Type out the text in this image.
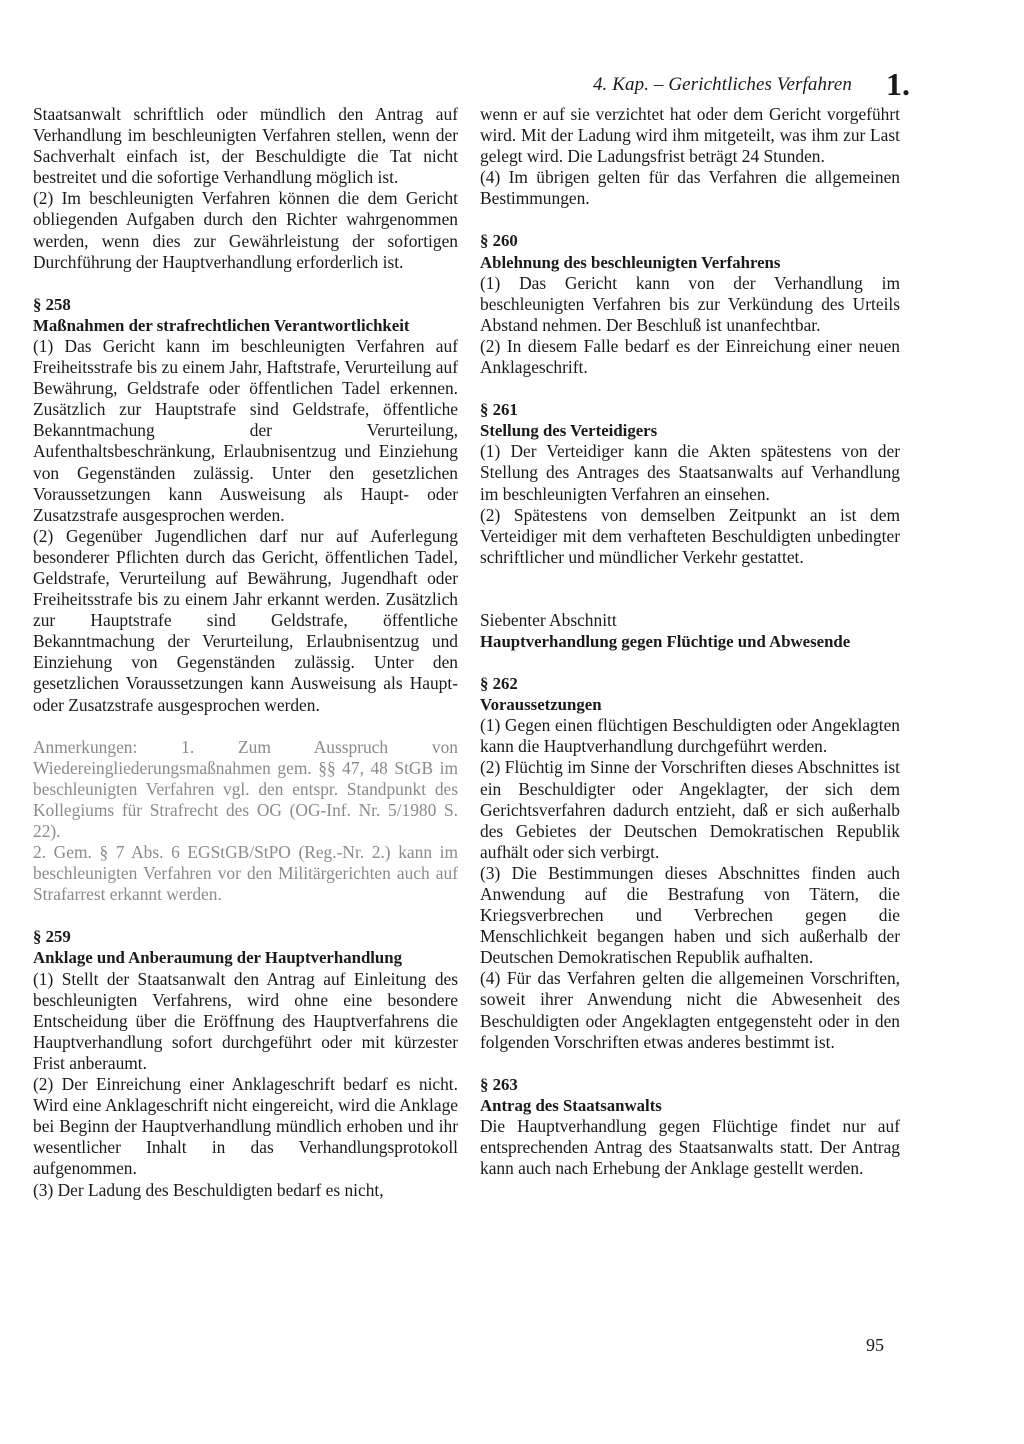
4. Kap. – Gerichtliches Verfahren 1.

Staatsanwalt schriftlich oder mündlich den Antrag auf Verhandlung im beschleunigten Verfahren stellen, wenn der Sachverhalt einfach ist, der Beschuldigte die Tat nicht bestreitet und die sofortige Verhandlung möglich ist.

(2) Im beschleunigten Verfahren können die dem Gericht obliegenden Aufgaben durch den Richter wahrgenommen werden, wenn dies zur Gewährleistung der sofortigen Durchführung der Hauptverhandlung erforderlich ist.

§ 258
Maßnahmen der strafrechtlichen Verantwortlichkeit

(1) Das Gericht kann im beschleunigten Verfahren auf Freiheitsstrafe bis zu einem Jahr, Haftstrafe, Verurteilung auf Bewährung, Geldstrafe oder öffentlichen Tadel erkennen. Zusätzlich zur Hauptstrafe sind Geldstrafe, öffentliche Bekanntmachung der Verurteilung, Aufenthaltsbeschränkung, Erlaubnisentzug und Einziehung von Gegenständen zulässig. Unter den gesetzlichen Voraussetzungen kann Ausweisung als Haupt- oder Zusatzstrafe ausgesprochen werden.

(2) Gegenüber Jugendlichen darf nur auf Auferlegung besonderer Pflichten durch das Gericht, öffentlichen Tadel, Geldstrafe, Verurteilung auf Bewährung, Jugendhaft oder Freiheitsstrafe bis zu einem Jahr erkannt werden. Zusätzlich zur Hauptstrafe sind Geldstrafe, öffentliche Bekanntmachung der Verurteilung, Erlaubnisentzug und Einziehung von Gegenständen zulässig. Unter den gesetzlichen Voraussetzungen kann Ausweisung als Haupt- oder Zusatzstrafe ausgesprochen werden.

Anmerkungen: 1. Zum Ausspruch von Wiedereingliederungsmaßnahmen gem. §§ 47, 48 StGB im beschleunigten Verfahren vgl. den entspr. Standpunkt des Kollegiums für Strafrecht des OG (OG-Inf. Nr. 5/1980 S. 22).

2. Gem. § 7 Abs. 6 EGStGB/StPO (Reg.-Nr. 2.) kann im beschleunigten Verfahren vor den Militärgerichten auch auf Strafarrest erkannt werden.

§ 259
Anklage und Anberaumung der Hauptverhandlung

(1) Stellt der Staatsanwalt den Antrag auf Einleitung des beschleunigten Verfahrens, wird ohne eine besondere Entscheidung über die Eröffnung des Hauptverfahrens die Hauptverhandlung sofort durchgeführt oder mit kürzester Frist anberaumt.

(2) Der Einreichung einer Anklageschrift bedarf es nicht. Wird eine Anklageschrift nicht eingereicht, wird die Anklage bei Beginn der Hauptverhandlung mündlich erhoben und ihr wesentlicher Inhalt in das Verhandlungsprotokoll aufgenommen.

(3) Der Ladung des Beschuldigten bedarf es nicht,

wenn er auf sie verzichtet hat oder dem Gericht vorgeführt wird. Mit der Ladung wird ihm mitgeteilt, was ihm zur Last gelegt wird. Die Ladungsfrist beträgt 24 Stunden.

(4) Im übrigen gelten für das Verfahren die allgemeinen Bestimmungen.

§ 260
Ablehnung des beschleunigten Verfahrens

(1) Das Gericht kann von der Verhandlung im beschleunigten Verfahren bis zur Verkündung des Urteils Abstand nehmen. Der Beschluß ist unanfechtbar.

(2) In diesem Falle bedarf es der Einreichung einer neuen Anklageschrift.

§ 261
Stellung des Verteidigers

(1) Der Verteidiger kann die Akten spätestens von der Stellung des Antrages des Staatsanwalts auf Verhandlung im beschleunigten Verfahren an einsehen.

(2) Spätestens von demselben Zeitpunkt an ist dem Verteidiger mit dem verhafteten Beschuldigten unbedingter schriftlicher und mündlicher Verkehr gestattet.

Siebenter Abschnitt
Hauptverhandlung gegen Flüchtige und Abwesende
§ 262
Voraussetzungen

(1) Gegen einen flüchtigen Beschuldigten oder Angeklagten kann die Hauptverhandlung durchgeführt werden.

(2) Flüchtig im Sinne der Vorschriften dieses Abschnittes ist ein Beschuldigter oder Angeklagter, der sich dem Gerichtsverfahren dadurch entzieht, daß er sich außerhalb des Gebietes der Deutschen Demokratischen Republik aufhält oder sich verbirgt.

(3) Die Bestimmungen dieses Abschnittes finden auch Anwendung auf die Bestrafung von Tätern, die Kriegsverbrechen und Verbrechen gegen die Menschlichkeit begangen haben und sich außerhalb der Deutschen Demokratischen Republik aufhalten.

(4) Für das Verfahren gelten die allgemeinen Vorschriften, soweit ihrer Anwendung nicht die Abwesenheit des Beschuldigten oder Angeklagten entgegensteht oder in den folgenden Vorschriften etwas anderes bestimmt ist.

§ 263
Antrag des Staatsanwalts

Die Hauptverhandlung gegen Flüchtige findet nur auf entsprechenden Antrag des Staatsanwalts statt. Der Antrag kann auch nach Erhebung der Anklage gestellt werden.

95
